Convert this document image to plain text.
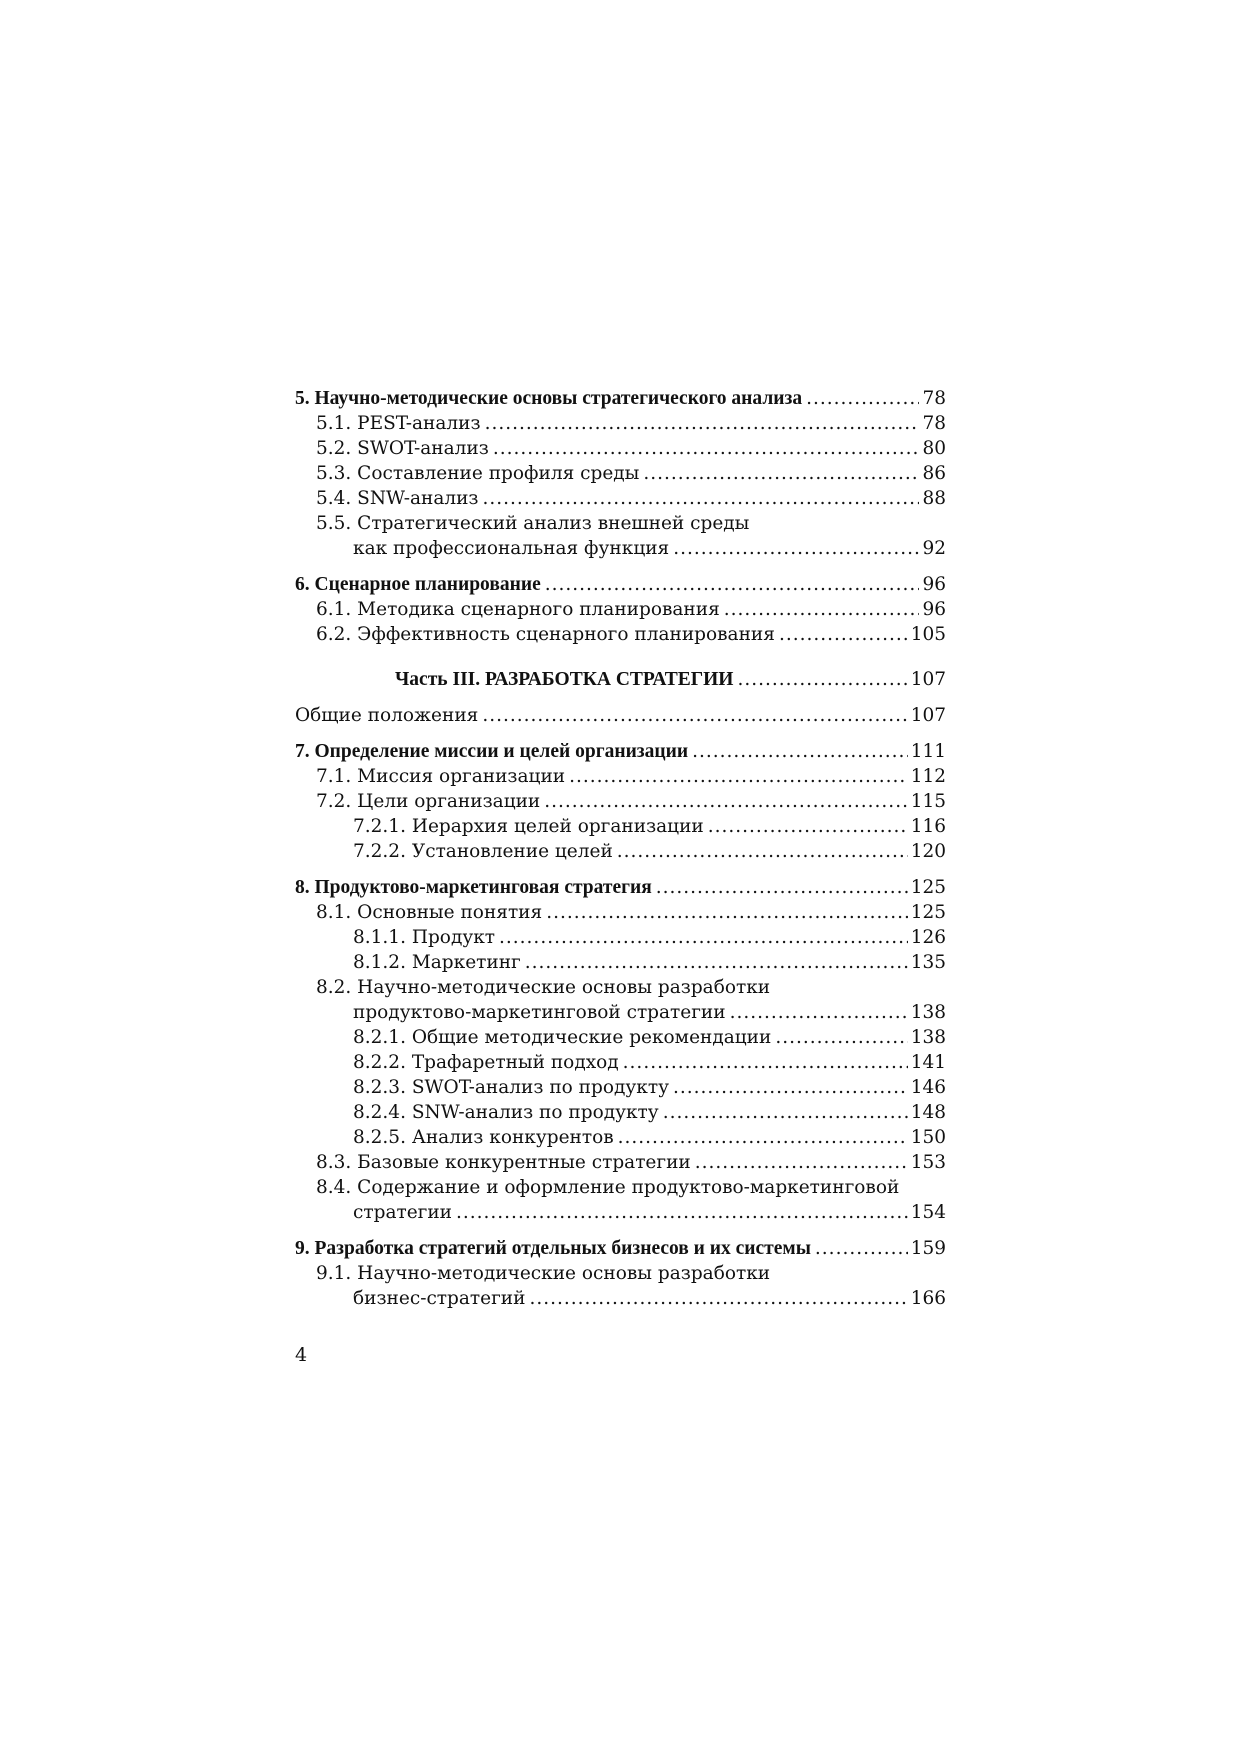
5. Научно-методические основы стратегического анализа .....	78
5.1. PEST-анализ .....	78
5.2. SWOT-анализ .....	80
5.3. Составление профиля среды .....	86
5.4. SNW-анализ .....	88
5.5. Стратегический анализ внешней среды
как профессиональная функция .....	92
6. Сценарное планирование .....	96
6.1. Методика сценарного планирования .....	96
6.2. Эффективность сценарного планирования .....	105
Часть III. РАЗРАБОТКА СТРАТЕГИИ .....	107
Общие положения .....	107
7. Определение миссии и целей организации .....	111
7.1. Миссия организации .....	112
7.2. Цели организации .....	115
7.2.1. Иерархия целей организации .....	116
7.2.2. Установление целей .....	120
8. Продуктово-маркетинговая стратегия .....	125
8.1. Основные понятия .....	125
8.1.1. Продукт .....	126
8.1.2. Маркетинг .....	135
8.2. Научно-методические основы разработки
продуктово-маркетинговой стратегии .....	138
8.2.1. Общие методические рекомендации .....	138
8.2.2. Трафаретный подход .....	141
8.2.3. SWOT-анализ по продукту .....	146
8.2.4. SNW-анализ по продукту .....	148
8.2.5. Анализ конкурентов .....	150
8.3. Базовые конкурентные стратегии .....	153
8.4. Содержание и оформление продуктово-маркетинговой
стратегии .....	154
9. Разработка стратегий отдельных бизнесов и их системы .....	159
9.1. Научно-методические основы разработки
бизнес-стратегий .....	166
4
